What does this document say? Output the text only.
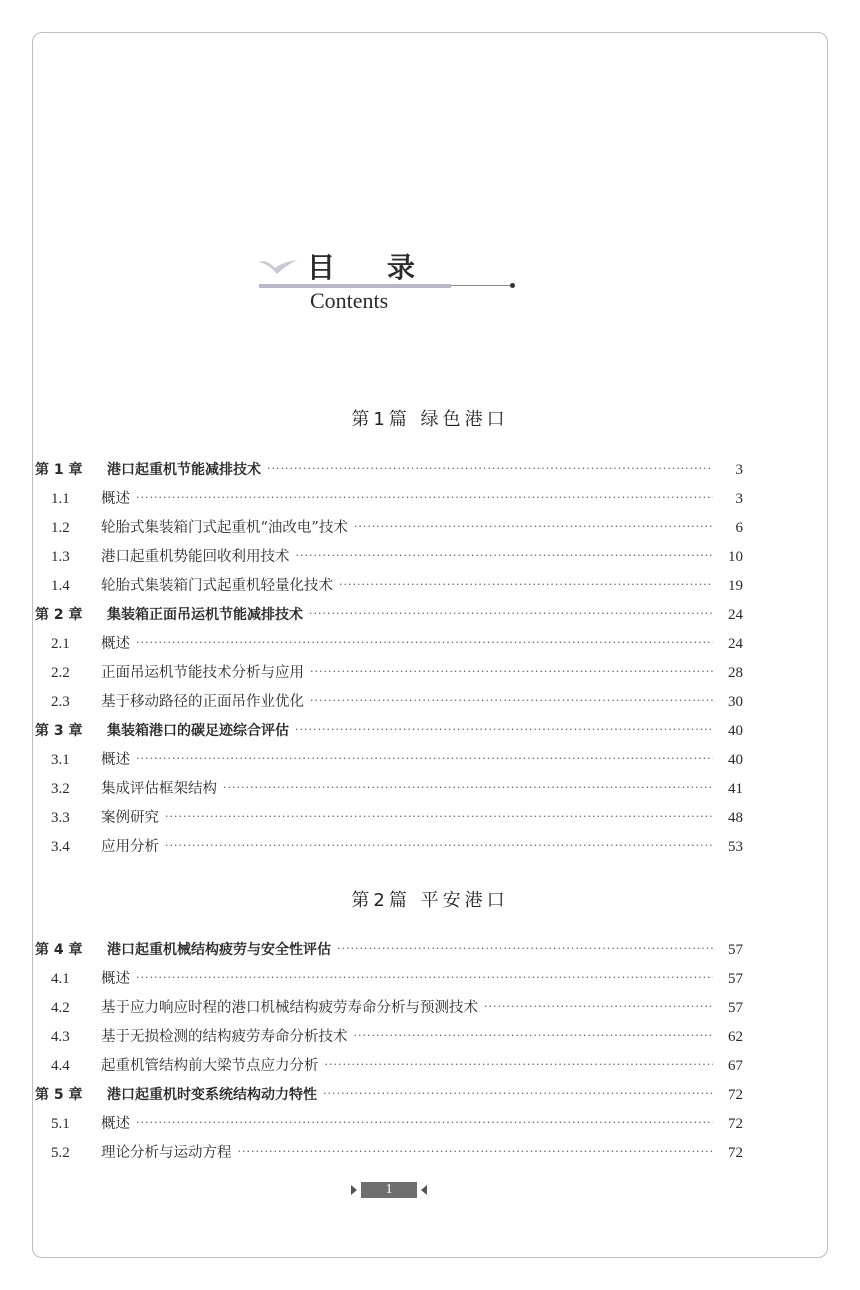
目录
Contents
第1篇 绿色港口
第 1 章	港口起重机节能减排技术 ·····	3
1.1	概述 ·····	3
1.2	轮胎式集装箱门式起重机“油改电”技术 ·····	6
1.3	港口起重机势能回收利用技术 ·····	10
1.4	轮胎式集装箱门式起重机轻量化技术 ·····	19
第 2 章	集装箱正面吊运机节能减排技术 ·····	24
2.1	概述 ·····	24
2.2	正面吊运机节能技术分析与应用 ·····	28
2.3	基于移动路径的正面吊作业优化 ·····	30
第 3 章	集装箱港口的碳足迹综合评估 ·····	40
3.1	概述 ·····	40
3.2	集成评估框架结构 ·····	41
3.3	案例研究 ·····	48
3.4	应用分析 ·····	53
第2篇 平安港口
第 4 章	港口起重机械结构疲劳与安全性评估 ·····	57
4.1	概述 ·····	57
4.2	基于应力响应时程的港口机械结构疲劳寿命分析与预测技术 ·····	57
4.3	基于无损检测的结构疲劳寿命分析技术 ·····	62
4.4	起重机管结构前大梁节点应力分析 ·····	67
第 5 章	港口起重机时变系统结构动力特性 ·····	72
5.1	概述 ·····	72
5.2	理论分析与运动方程 ·····	72
1
